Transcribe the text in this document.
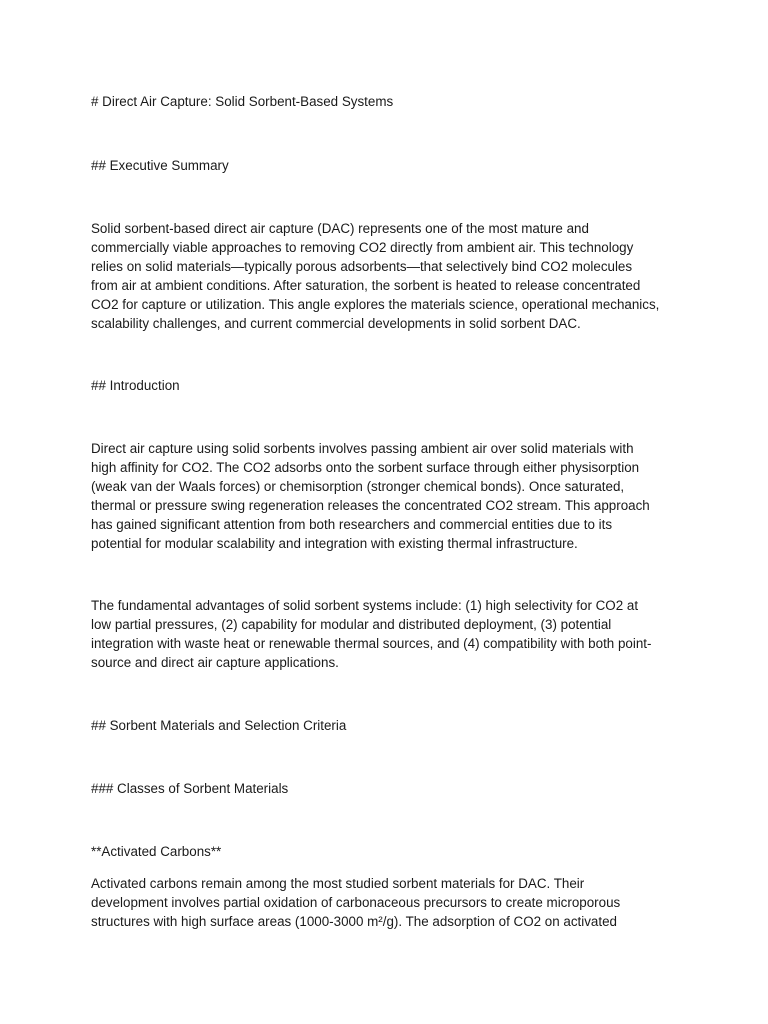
# Direct Air Capture: Solid Sorbent-Based Systems

## Executive Summary

Solid sorbent-based direct air capture (DAC) represents one of the most mature and
commercially viable approaches to removing CO2 directly from ambient air. This technology
relies on solid materials—typically porous adsorbents—that selectively bind CO2 molecules
from air at ambient conditions. After saturation, the sorbent is heated to release concentrated
CO2 for capture or utilization. This angle explores the materials science, operational mechanics,
scalability challenges, and current commercial developments in solid sorbent DAC.

## Introduction

Direct air capture using solid sorbents involves passing ambient air over solid materials with
high affinity for CO2. The CO2 adsorbs onto the sorbent surface through either physisorption
(weak van der Waals forces) or chemisorption (stronger chemical bonds). Once saturated,
thermal or pressure swing regeneration releases the concentrated CO2 stream. This approach
has gained significant attention from both researchers and commercial entities due to its
potential for modular scalability and integration with existing thermal infrastructure.

The fundamental advantages of solid sorbent systems include: (1) high selectivity for CO2 at
low partial pressures, (2) capability for modular and distributed deployment, (3) potential
integration with waste heat or renewable thermal sources, and (4) compatibility with both point-
source and direct air capture applications.

## Sorbent Materials and Selection Criteria

### Classes of Sorbent Materials

**Activated Carbons**

Activated carbons remain among the most studied sorbent materials for DAC. Their
development involves partial oxidation of carbonaceous precursors to create microporous
structures with high surface areas (1000-3000 m²/g). The adsorption of CO2 on activated
